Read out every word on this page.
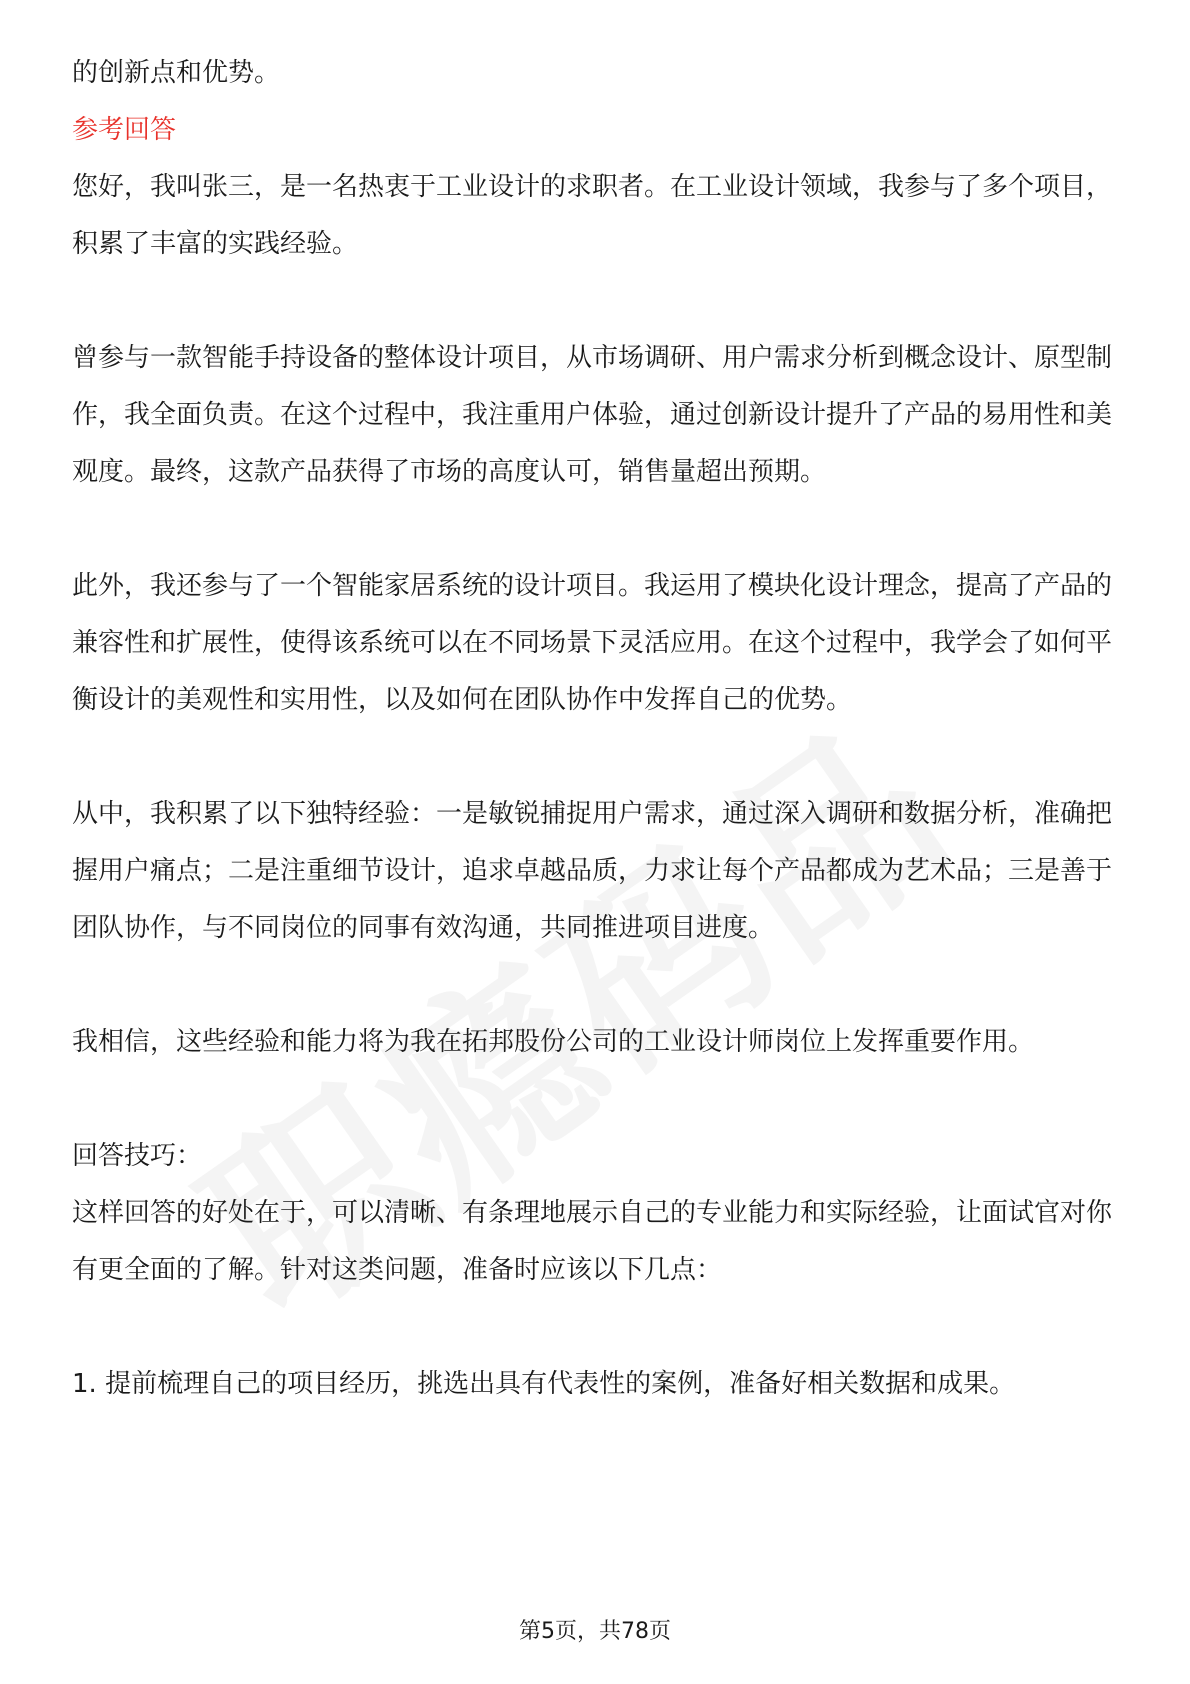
的创新点和优势。

参考回答

您好，我叫张三，是一名热衷于工业设计的求职者。在工业设计领域，我参与了多个项目，积累了丰富的实践经验。

曾参与一款智能手持设备的整体设计项目，从市场调研、用户需求分析到概念设计、原型制作，我全面负责。在这个过程中，我注重用户体验，通过创新设计提升了产品的易用性和美观度。最终，这款产品获得了市场的高度认可，销售量超出预期。

此外，我还参与了一个智能家居系统的设计项目。我运用了模块化设计理念，提高了产品的兼容性和扩展性，使得该系统可以在不同场景下灵活应用。在这个过程中，我学会了如何平衡设计的美观性和实用性，以及如何在团队协作中发挥自己的优势。

从中，我积累了以下独特经验：一是敏锐捕捉用户需求，通过深入调研和数据分析，准确把握用户痛点；二是注重细节设计，追求卓越品质，力求让每个产品都成为艺术品；三是善于团队协作，与不同岗位的同事有效沟通，共同推进项目进度。

我相信，这些经验和能力将为我在拓邦股份公司的工业设计师岗位上发挥重要作用。

回答技巧：

这样回答的好处在于，可以清晰、有条理地展示自己的专业能力和实际经验，让面试官对你有更全面的了解。针对这类问题，准备时应该以下几点：

1. 提前梳理自己的项目经历，挑选出具有代表性的案例，准备好相关数据和成果。

第5页，共78页
